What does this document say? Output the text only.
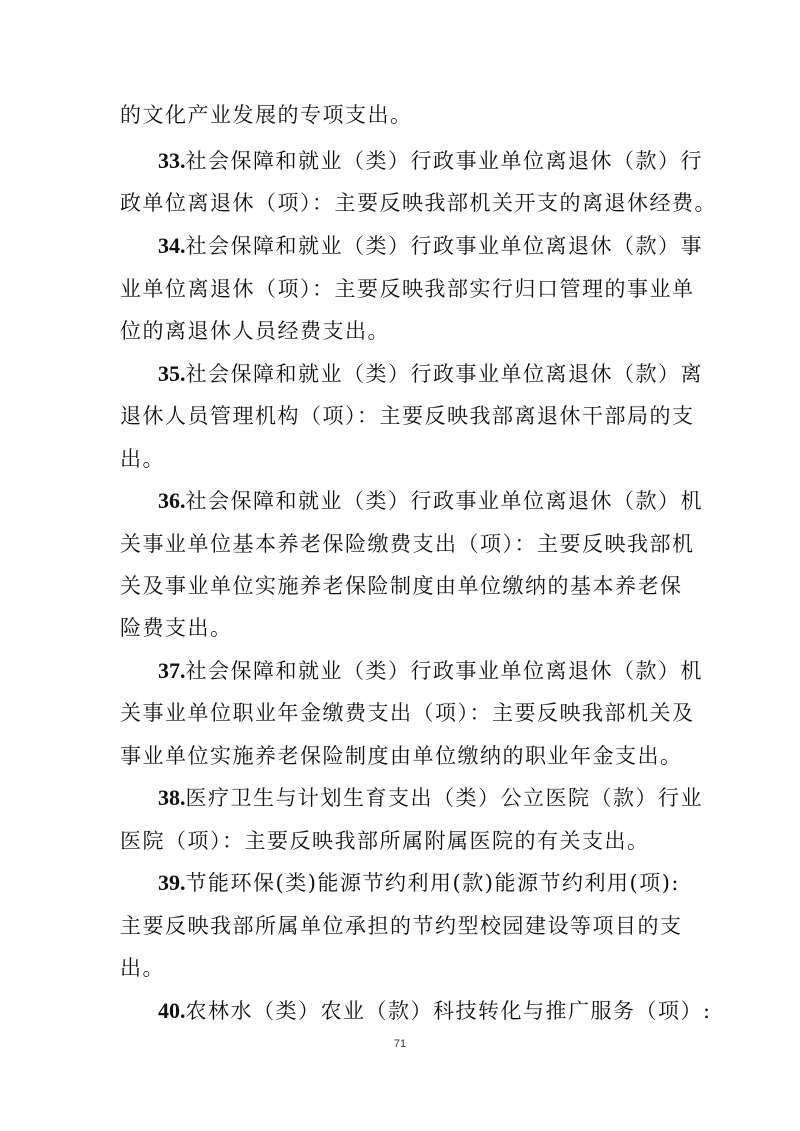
的文化产业发展的专项支出。
33.社会保障和就业（类）行政事业单位离退休（款）行
政单位离退休（项）：主要反映我部机关开支的离退休经费。
34.社会保障和就业（类）行政事业单位离退休（款）事
业单位离退休（项）：主要反映我部实行归口管理的事业单
位的离退休人员经费支出。
35.社会保障和就业（类）行政事业单位离退休（款）离
退休人员管理机构（项）：主要反映我部离退休干部局的支
出。
36.社会保障和就业（类）行政事业单位离退休（款）机
关事业单位基本养老保险缴费支出（项）：主要反映我部机
关及事业单位实施养老保险制度由单位缴纳的基本养老保
险费支出。
37.社会保障和就业（类）行政事业单位离退休（款）机
关事业单位职业年金缴费支出（项）：主要反映我部机关及
事业单位实施养老保险制度由单位缴纳的职业年金支出。
38.医疗卫生与计划生育支出（类）公立医院（款）行业
医院（项）：主要反映我部所属附属医院的有关支出。
39.节能环保(类)能源节约利用(款)能源节约利用(项):
主要反映我部所属单位承担的节约型校园建设等项目的支
出。
40.农林水（类）农业（款）科技转化与推广服务（项）:
71
